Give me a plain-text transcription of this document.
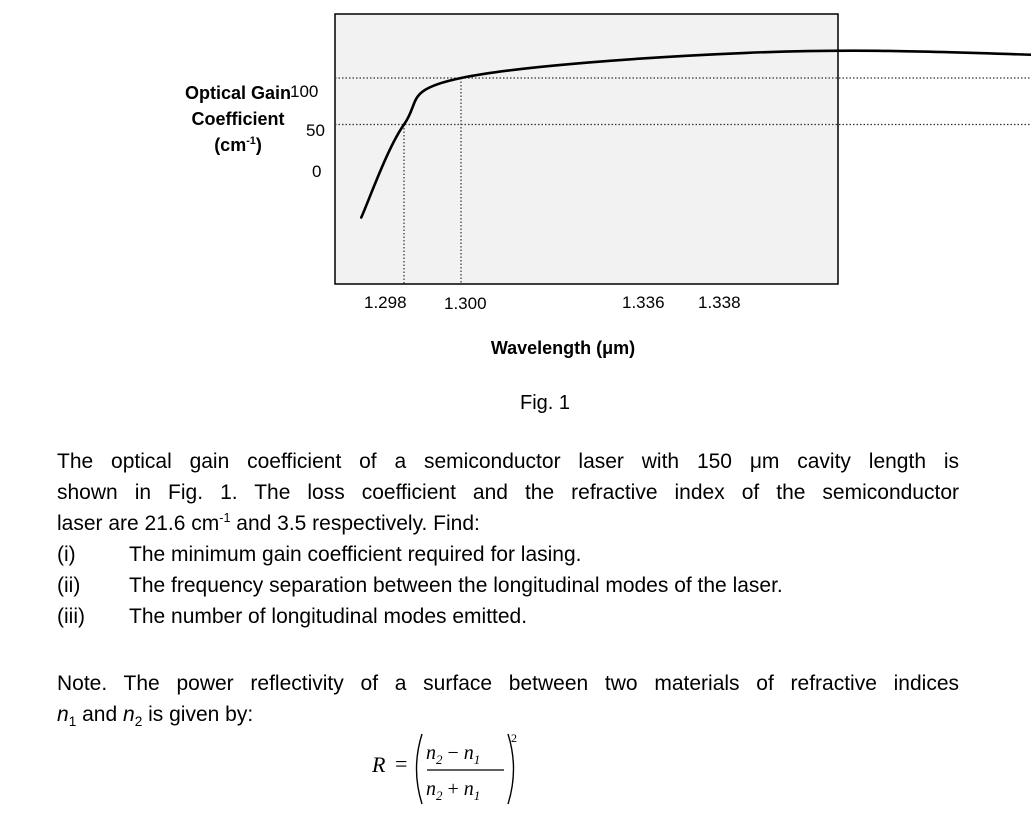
Optical Gain
Coefficient
$(cm^{-1})$
100
50
0
1.298 1.300	1.336 1.338
Wavelength (μm)
Fig. 1
The optical gain coefficient of a semiconductor laser with 150 μm cavity length is
shown in Fig. 1. The loss coefficient and the refractive index of the semiconductor
laser are 21.6 $cm^{-1}$ and 3.5 respectively. Find:
(i)	The minimum gain coefficient required for lasing.
(ii)	The frequency separation between the longitudinal modes of the laser.
(iii)	The number of longitudinal modes emitted.
Note. The power reflectivity of a surface between two materials of refractive indices
$n_1$ and $n_2$ is given by:
$R = n_2 - n_1$
$n_2 + n_1$
2
